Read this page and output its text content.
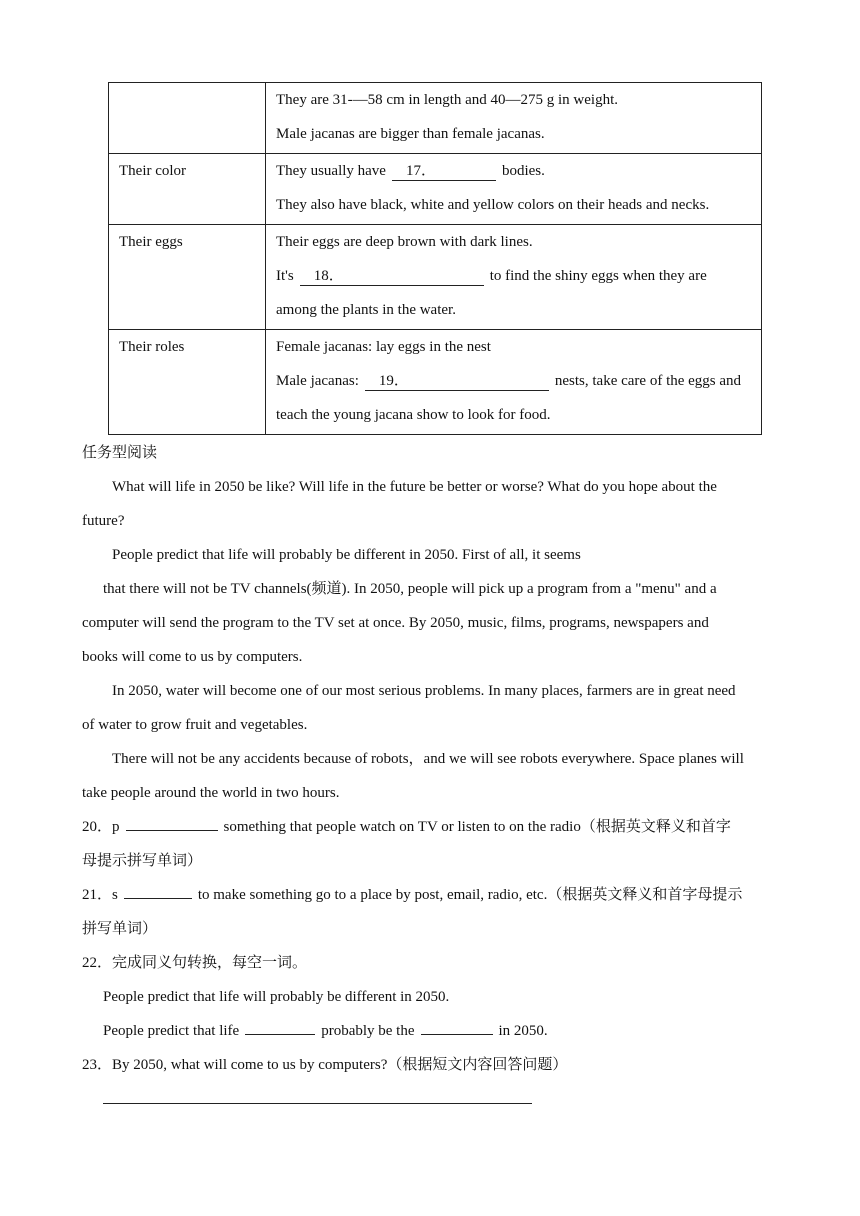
	They are 31-—58 cm in length and 40—275 g in weight.
Male jacanas are bigger than female jacanas.

Their color	They usually have 17． bodies.
They also have black, white and yellow colors on their heads and necks.

Their eggs	Their eggs are deep brown with dark lines.
It's 18． to find the shiny eggs when they are
among the plants in the water.

Their roles	Female jacanas: lay eggs in the nest
Male jacanas: 19． nests, take care of the eggs and
teach the young jacana show to look for food.
任务型阅读
What will life in 2050 be like? Will life in the future be better or worse? What do you hope about the
future?
People predict that life will probably be different in 2050. First of all, it seems
that there will not be TV channels(频道). In 2050, people will pick up a program from a "menu" and a
computer will send the program to the TV set at once. By 2050, music, films, programs, newspapers and
books will come to us by computers.
In 2050, water will become one of our most serious problems. In many places, farmers are in great need
of water to grow fruit and vegetables.
There will not be any accidents because of robots，and we will see robots everywhere. Space planes will
take people around the world in two hours.
20．p	something that people watch on TV or listen to on the radio（根据英文释义和首字
母提示拼写单词）
21．s	to make something go to a place by post, email, radio, etc.（根据英文释义和首字母提示
拼写单词）
22．完成同义句转换，每空一词。
People predict that life will probably be different in 2050.
People predict that life	probably be the	in 2050.
23．By 2050, what will come to us by computers?（根据短文内容回答问题）
